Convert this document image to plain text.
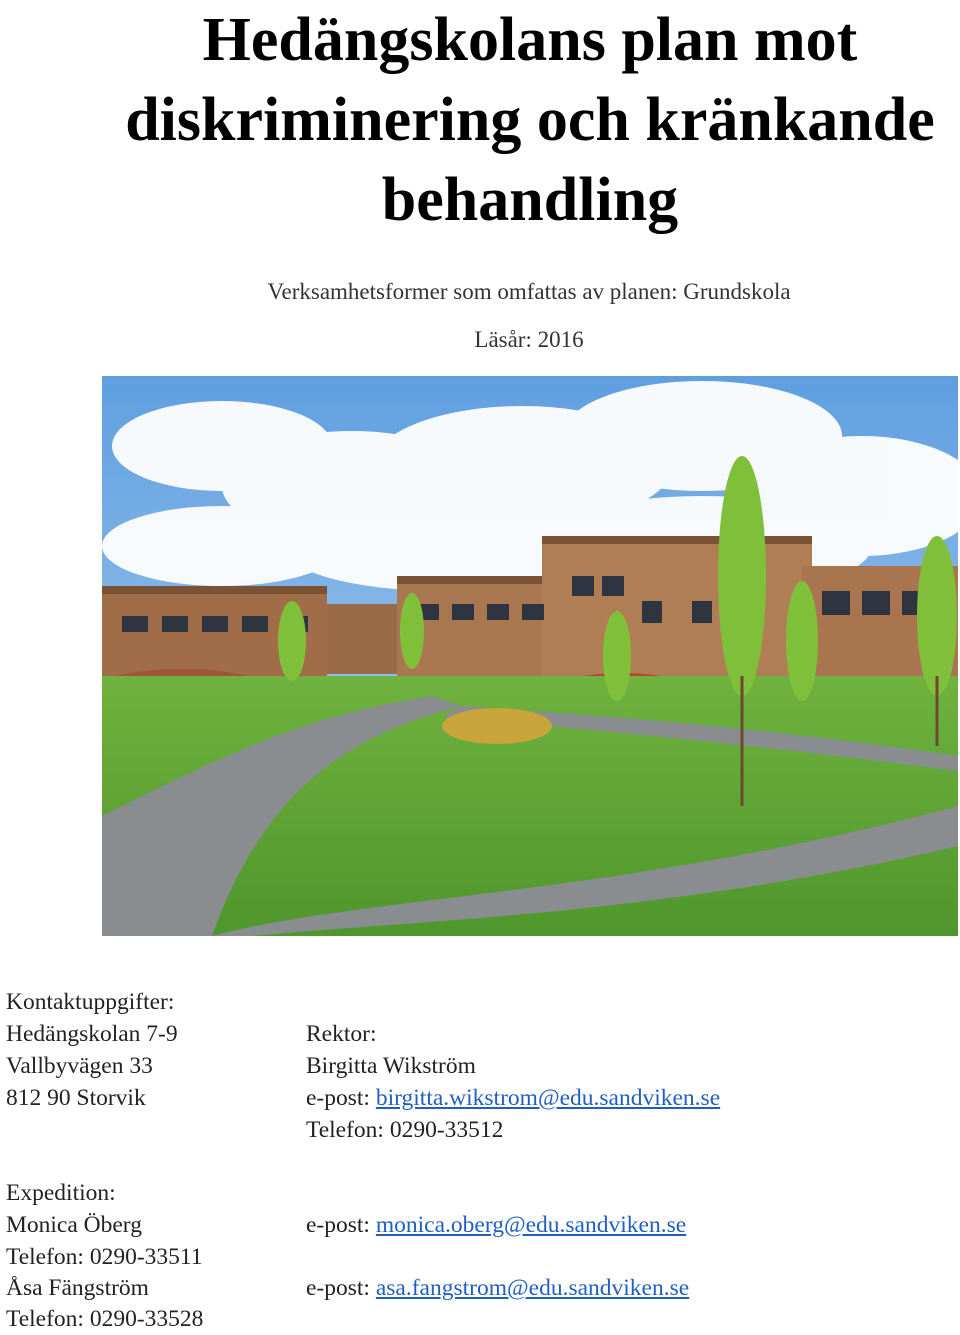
Hedängskolans plan mot
diskriminering och kränkande
behandling
Verksamhetsformer som omfattas av planen: Grundskola
Läsår: 2016
Kontaktuppgifter:
Hedängskolan 7-9
Vallbyvägen 33
812 90 Storvik
Rektor:
Birgitta Wikström
e-post: birgitta.wikstrom@edu.sandviken.se
Telefon: 0290-33512
Expedition:
Monica Öberg
Telefon: 0290-33511
Åsa Fängström
Telefon: 0290-33528
e-post: monica.oberg@edu.sandviken.se
e-post: asa.fangstrom@edu.sandviken.se
